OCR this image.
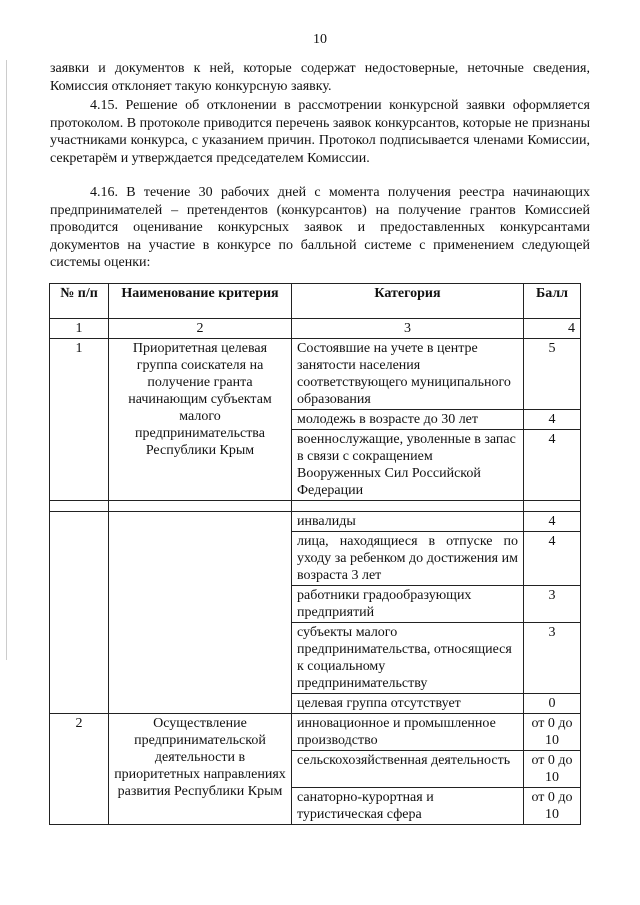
10

заявки и документов к ней, которые содержат недостоверные, неточные сведения, Комиссия отклоняет такую конкурсную заявку.

4.15. Решение об отклонении в рассмотрении конкурсной заявки оформляется протоколом. В протоколе приводится перечень заявок конкурсантов, которые не признаны участниками конкурса, с указанием причин. Протокол подписывается членами Комиссии, секретарём и утверждается председателем Комиссии.

4.16. В течение 30 рабочих дней с момента получения реестра начинающих предпринимателей – претендентов (конкурсантов) на получение грантов Комиссией проводится оценивание конкурсных заявок и предоставленных конкурсантами документов на участие в конкурсе по балльной системе с применением следующей системы оценки:

№ п/п	Наименование критерия	Категория	Балл
1	2	3	4
1	Приоритетная целевая группа соискателя на получение гранта начинающим субъектам малого предпринимательства Республики Крым	Состоявшие на учете в центре занятости населения соответствующего муниципального образования	5
		молодежь в возрасте до 30 лет	4
		военнослужащие, уволенные в запас в связи с сокращением Вооруженных Сил Российской Федерации	4

		инвалиды	4
		лица, находящиеся в отпуске по уходу за ребенком до достижения им возраста 3 лет	4
		работники градообразующих предприятий	3
		субъекты малого предпринимательства, относящиеся к социальному предпринимательству	3
		целевая группа отсутствует	0
2	Осуществление предпринимательской деятельности в приоритетных направлениях развития Республики Крым	инновационное и промышленное производство	от 0 до 10
		сельскохозяйственная деятельность	от 0 до 10
		санаторно-курортная и туристическая сфера	от 0 до 10
